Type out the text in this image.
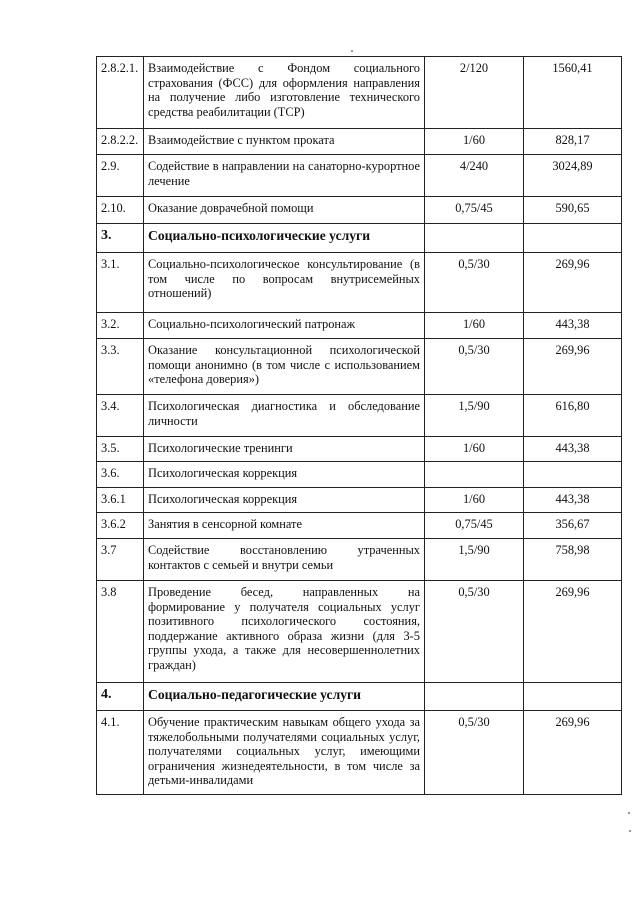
2.8.2.1.	Взаимодействие с Фондом социального страхования (ФСС) для оформления направления на получение либо изготовление технического средства реабилитации (ТСР)	2/120	1560,41
2.8.2.2.	Взаимодействие с пунктом проката	1/60	828,17
2.9.	Содействие в направлении на санаторно-курортное лечение	4/240	3024,89
2.10.	Оказание доврачебной помощи	0,75/45	590,65
3.	Социально-психологические услуги		
3.1.	Социально-психологическое консультирование (в том числе по вопросам внутрисемейных отношений)	0,5/30	269,96
3.2.	Социально-психологический патронаж	1/60	443,38
3.3.	Оказание консультационной психологической помощи анонимно (в том числе с использованием «телефона доверия»)	0,5/30	269,96
3.4.	Психологическая диагностика и обследование личности	1,5/90	616,80
3.5.	Психологические тренинги	1/60	443,38
3.6.	Психологическая коррекция		
3.6.1	Психологическая коррекция	1/60	443,38
3.6.2	Занятия в сенсорной комнате	0,75/45	356,67
3.7	Содействие восстановлению утраченных контактов с семьей и внутри семьи	1,5/90	758,98
3.8	Проведение бесед, направленных на формирование у получателя социальных услуг позитивного психологического состояния, поддержание активного образа жизни (для 3-5 группы ухода, а также для несовершеннолетних граждан)	0,5/30	269,96
4.	Социально-педагогические услуги		
4.1.	Обучение практическим навыкам общего ухода за тяжелобольными получателями социальных услуг, получателями социальных услуг, имеющими ограничения жизнедеятельности, в том числе за детьми-инвалидами	0,5/30	269,96
